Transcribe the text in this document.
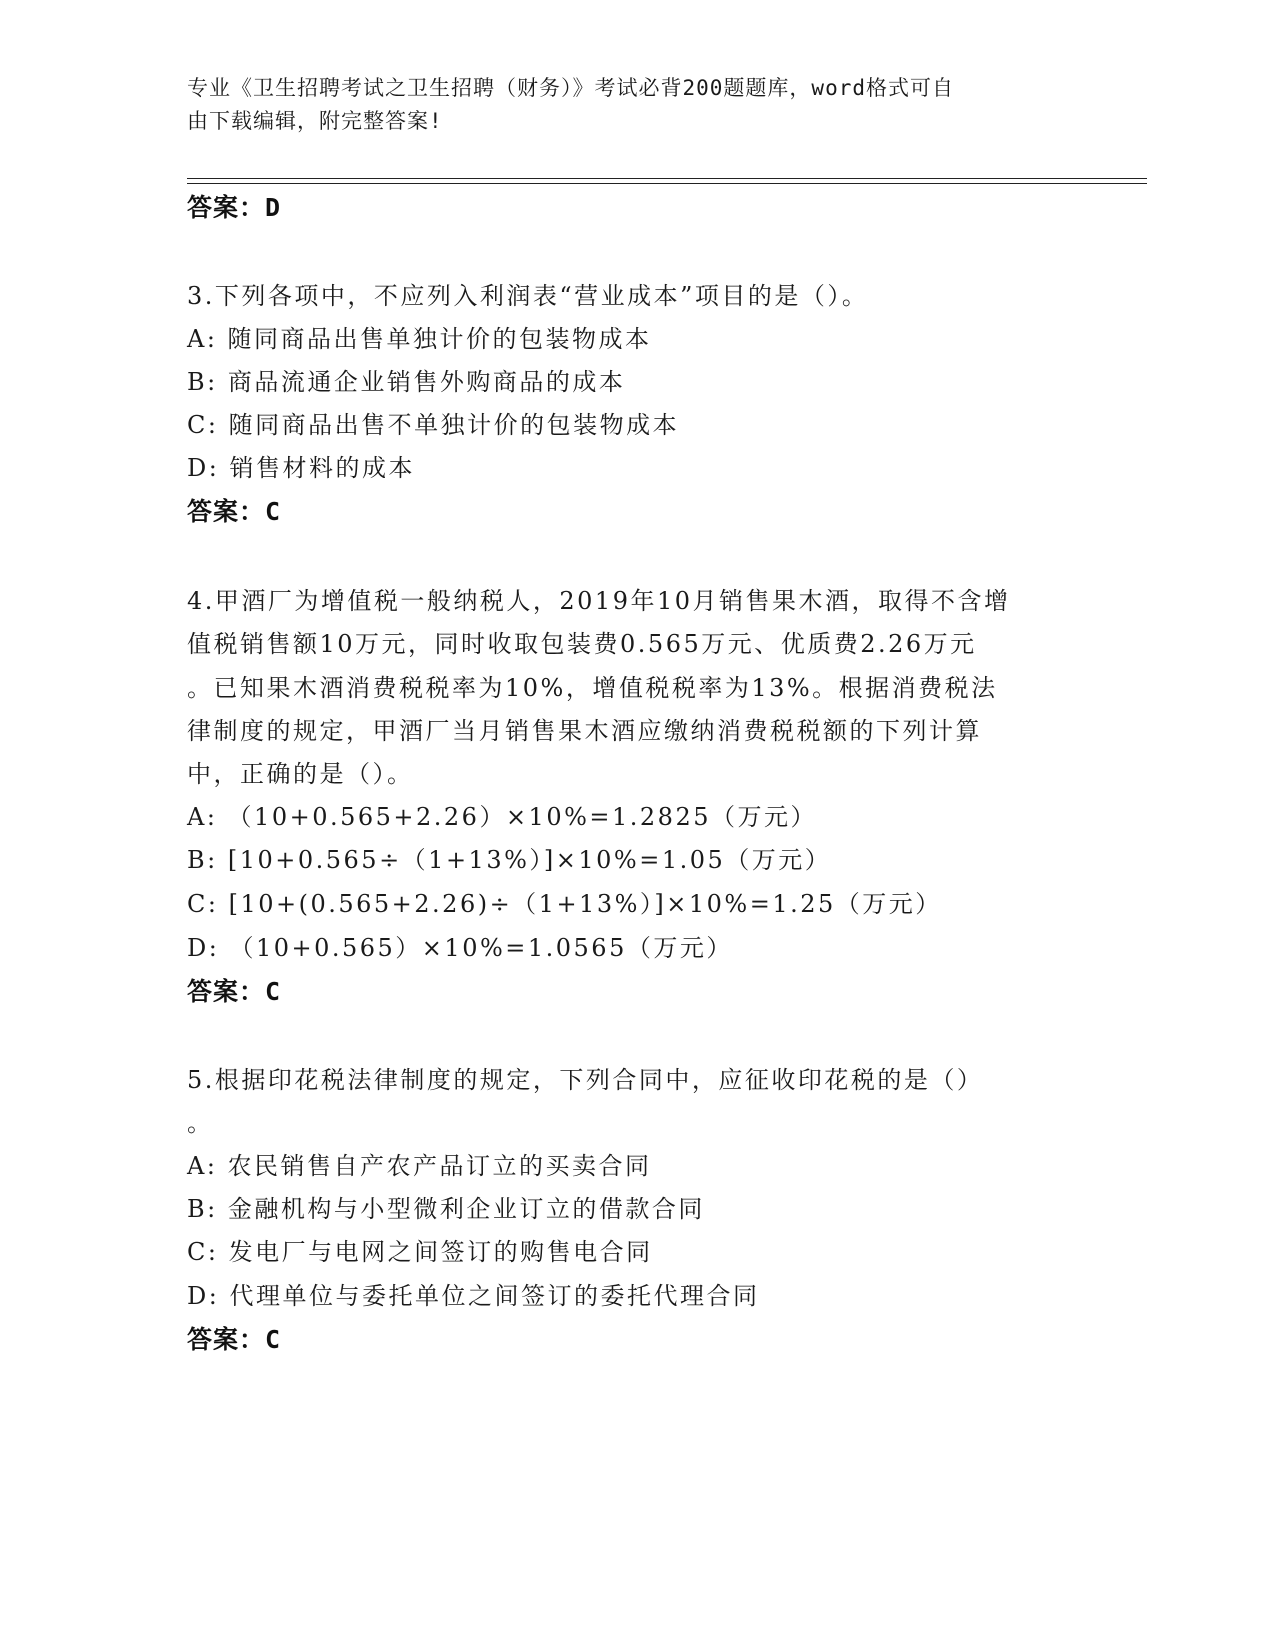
专业《卫生招聘考试之卫生招聘（财务）》考试必背200题题库，word格式可自
由下载编辑，附完整答案!
答案：D
3.下列各项中，不应列入利润表“营业成本”项目的是（）。
A: 随同商品出售单独计价的包装物成本
B: 商品流通企业销售外购商品的成本
C: 随同商品出售不单独计价的包装物成本
D: 销售材料的成本
答案：C
4.甲酒厂为增值税一般纳税人，2019年10月销售果木酒，取得不含增
值税销售额10万元，同时收取包装费0.565万元、优质费2.26万元
。已知果木酒消费税税率为10%，增值税税率为13%。根据消费税法
律制度的规定，甲酒厂当月销售果木酒应缴纳消费税税额的下列计算
中，正确的是（）。
A: （10+0.565+2.26）×10%=1.2825（万元）
B: [10+0.565÷（1+13%）]×10%=1.05（万元）
C: [10+(0.565+2.26)÷（1+13%）]×10%=1.25（万元）
D: （10+0.565）×10%=1.0565（万元）
答案：C
5.根据印花税法律制度的规定，下列合同中，应征收印花税的是（）
。
A: 农民销售自产农产品订立的买卖合同
B: 金融机构与小型微利企业订立的借款合同
C: 发电厂与电网之间签订的购售电合同
D: 代理单位与委托单位之间签订的委托代理合同
答案：C
